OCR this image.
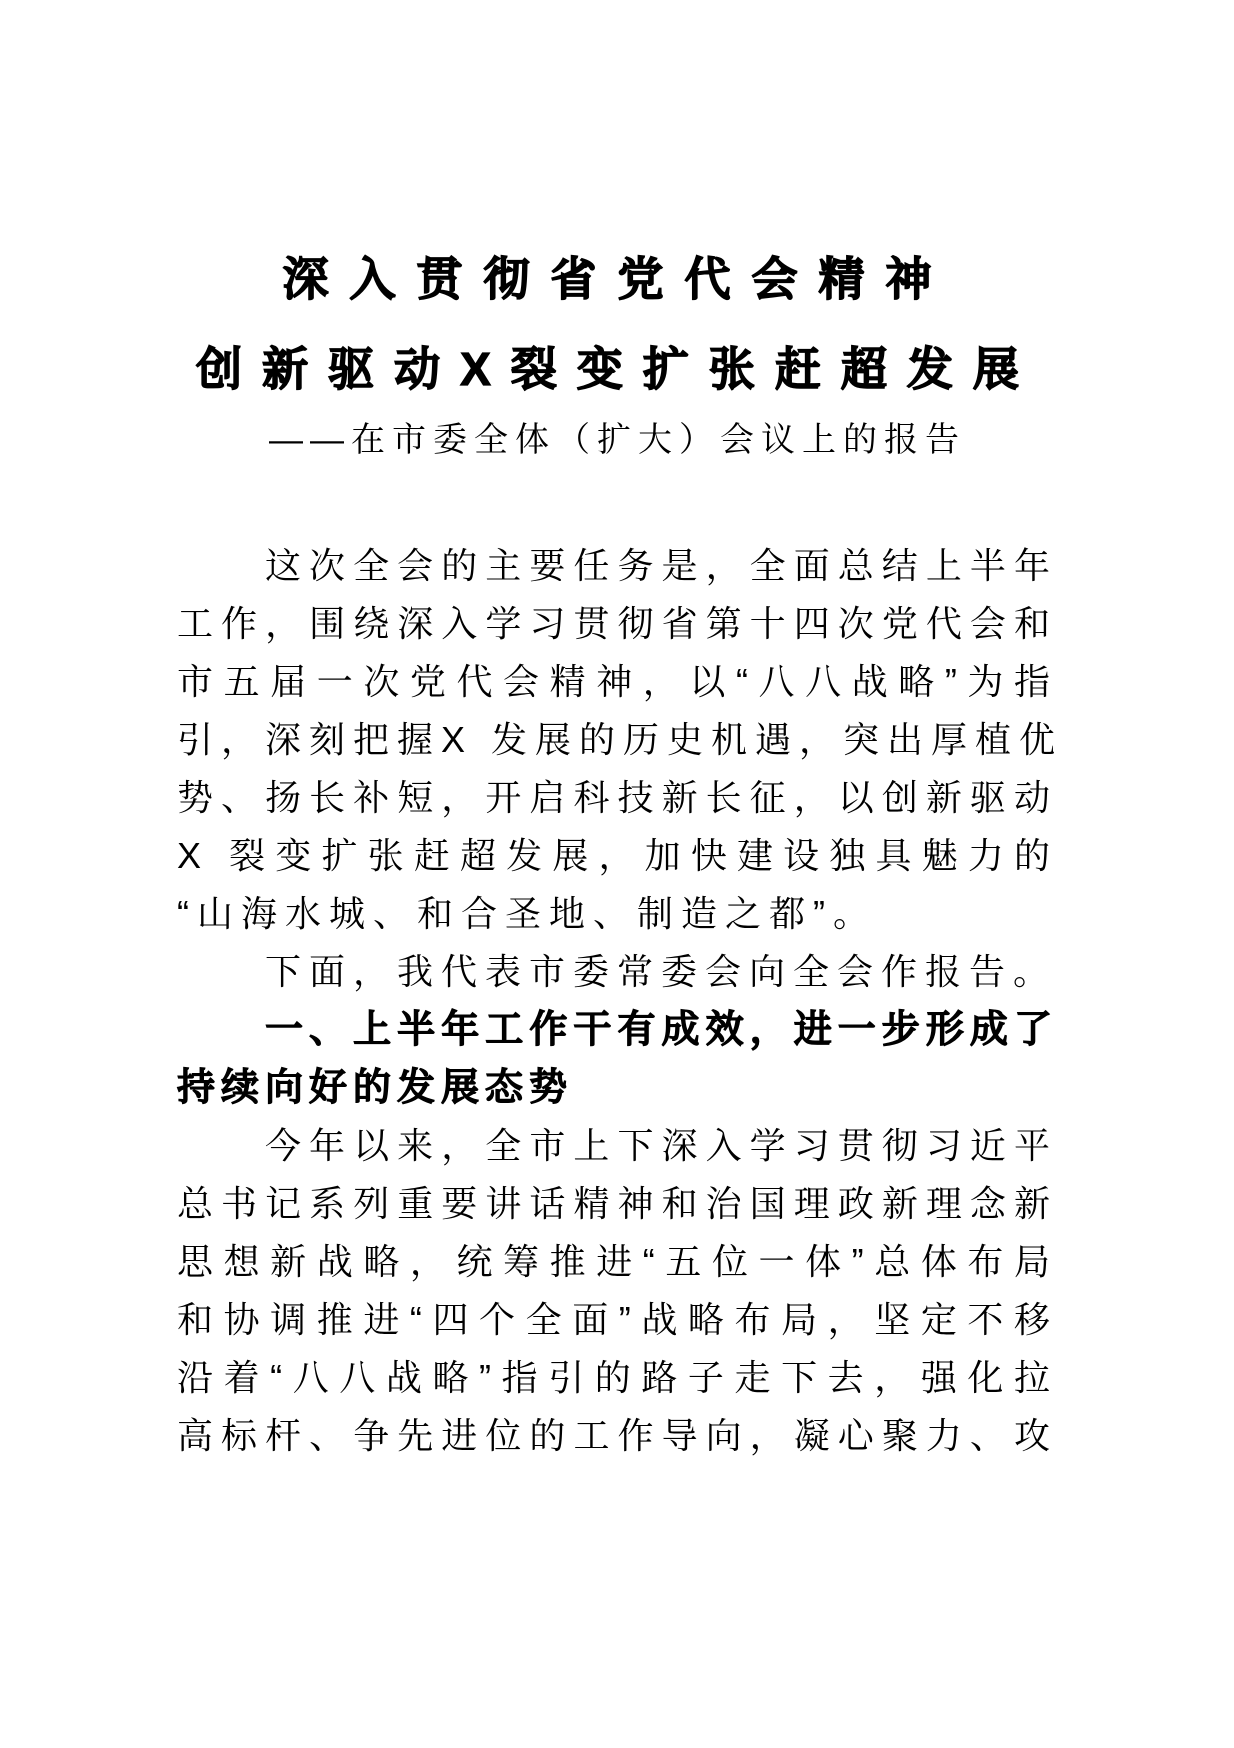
深入贯彻省党代会精神
创新驱动X裂变扩张赶超发展
——在市委全体（扩大）会议上的报告
这次全会的主要任务是，全面总结上半年
工作，围绕深入学习贯彻省第十四次党代会和
市五届一次党代会精神，以“八八战略”为指
引，深刻把握X 发展的历史机遇，突出厚植优
势、扬长补短，开启科技新长征，以创新驱动
X 裂变扩张赶超发展，加快建设独具魅力的
“山海水城、和合圣地、制造之都”。
下面，我代表市委常委会向全会作报告。
一、上半年工作干有成效，进一步形成了
持续向好的发展态势
今年以来，全市上下深入学习贯彻习近平
总书记系列重要讲话精神和治国理政新理念新
思想新战略，统筹推进“五位一体”总体布局
和协调推进“四个全面”战略布局，坚定不移
沿着“八八战略”指引的路子走下去，强化拉
高标杆、争先进位的工作导向，凝心聚力、攻
